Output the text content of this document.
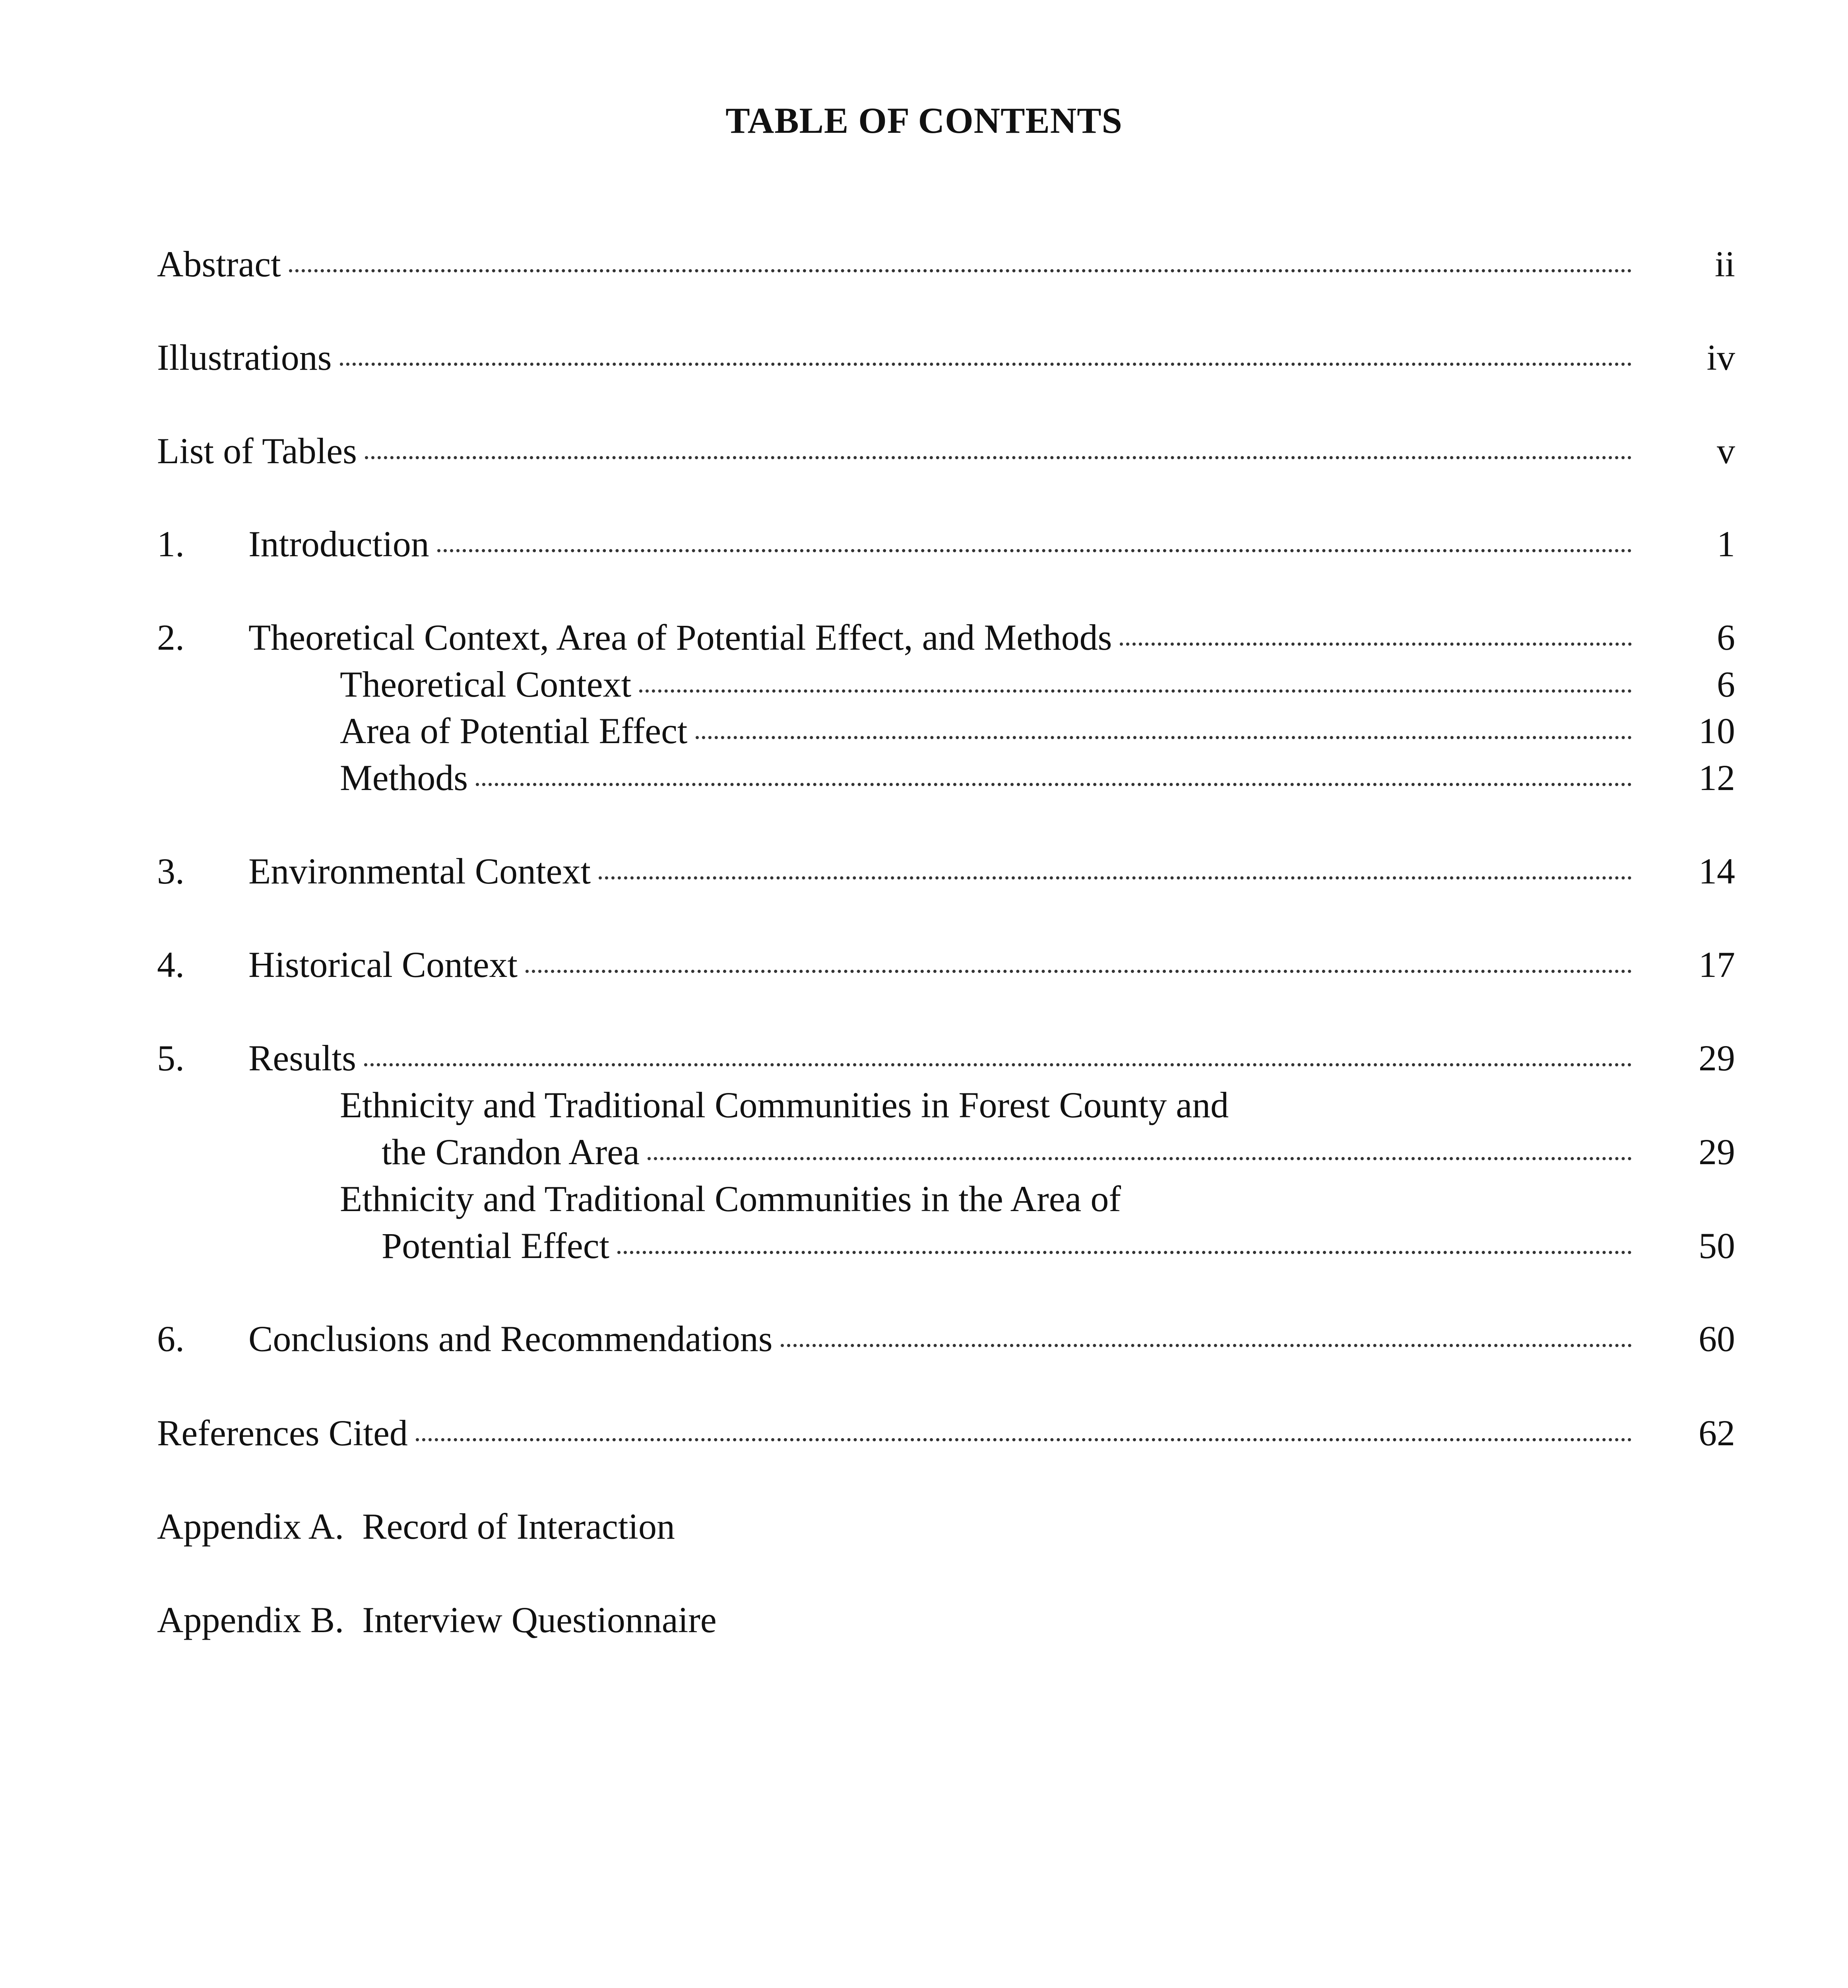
TABLE OF CONTENTS
Abstract	ii
Illustrations	iv
List of Tables	v
1.	Introduction	1
2.	Theoretical Context, Area of Potential Effect, and Methods	6
Theoretical Context	6
Area of Potential Effect	10
Methods	12
3.	Environmental Context	14
4.	Historical Context	17
5.	Results	29
Ethnicity and Traditional Communities in Forest County and
the Crandon Area	29
Ethnicity and Traditional Communities in the Area of
Potential Effect	50
6.	Conclusions and Recommendations	60
References Cited	62
Appendix A.  Record of Interaction
Appendix B.  Interview Questionnaire
